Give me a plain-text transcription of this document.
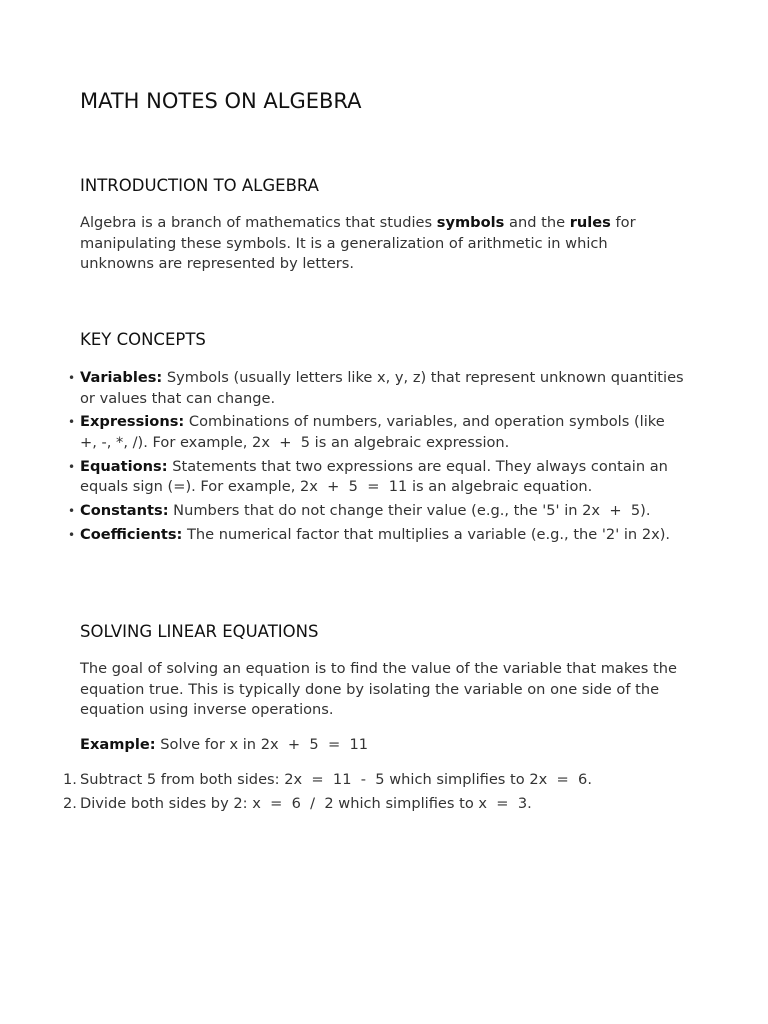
MATH NOTES ON ALGEBRA
INTRODUCTION TO ALGEBRA

Algebra is a branch of mathematics that studies symbols and the rules for manipulating these symbols. It is a generalization of arithmetic in which unknowns are represented by letters.

KEY CONCEPTS
• Variables: Symbols (usually letters like x, y, z) that represent unknown quantities or values that can change.
• Expressions: Combinations of numbers, variables, and operation symbols (like +, -, *, /). For example, 2x  +  5 is an algebraic expression.
• Equations: Statements that two expressions are equal. They always contain an equals sign (=). For example, 2x  +  5  =  11 is an algebraic equation.
• Constants: Numbers that do not change their value (e.g., the '5' in 2x  +  5).
• Coefficients: The numerical factor that multiplies a variable (e.g., the '2' in 2x).
SOLVING LINEAR EQUATIONS

The goal of solving an equation is to find the value of the variable that makes the equation true. This is typically done by isolating the variable on one side of the equation using inverse operations.

Example: Solve for x in 2x  +  5  =  11

1. Subtract 5 from both sides: 2x  =  11  -  5 which simplifies to 2x  =  6.
2. Divide both sides by 2: x  =  6  /  2 which simplifies to x  =  3.
